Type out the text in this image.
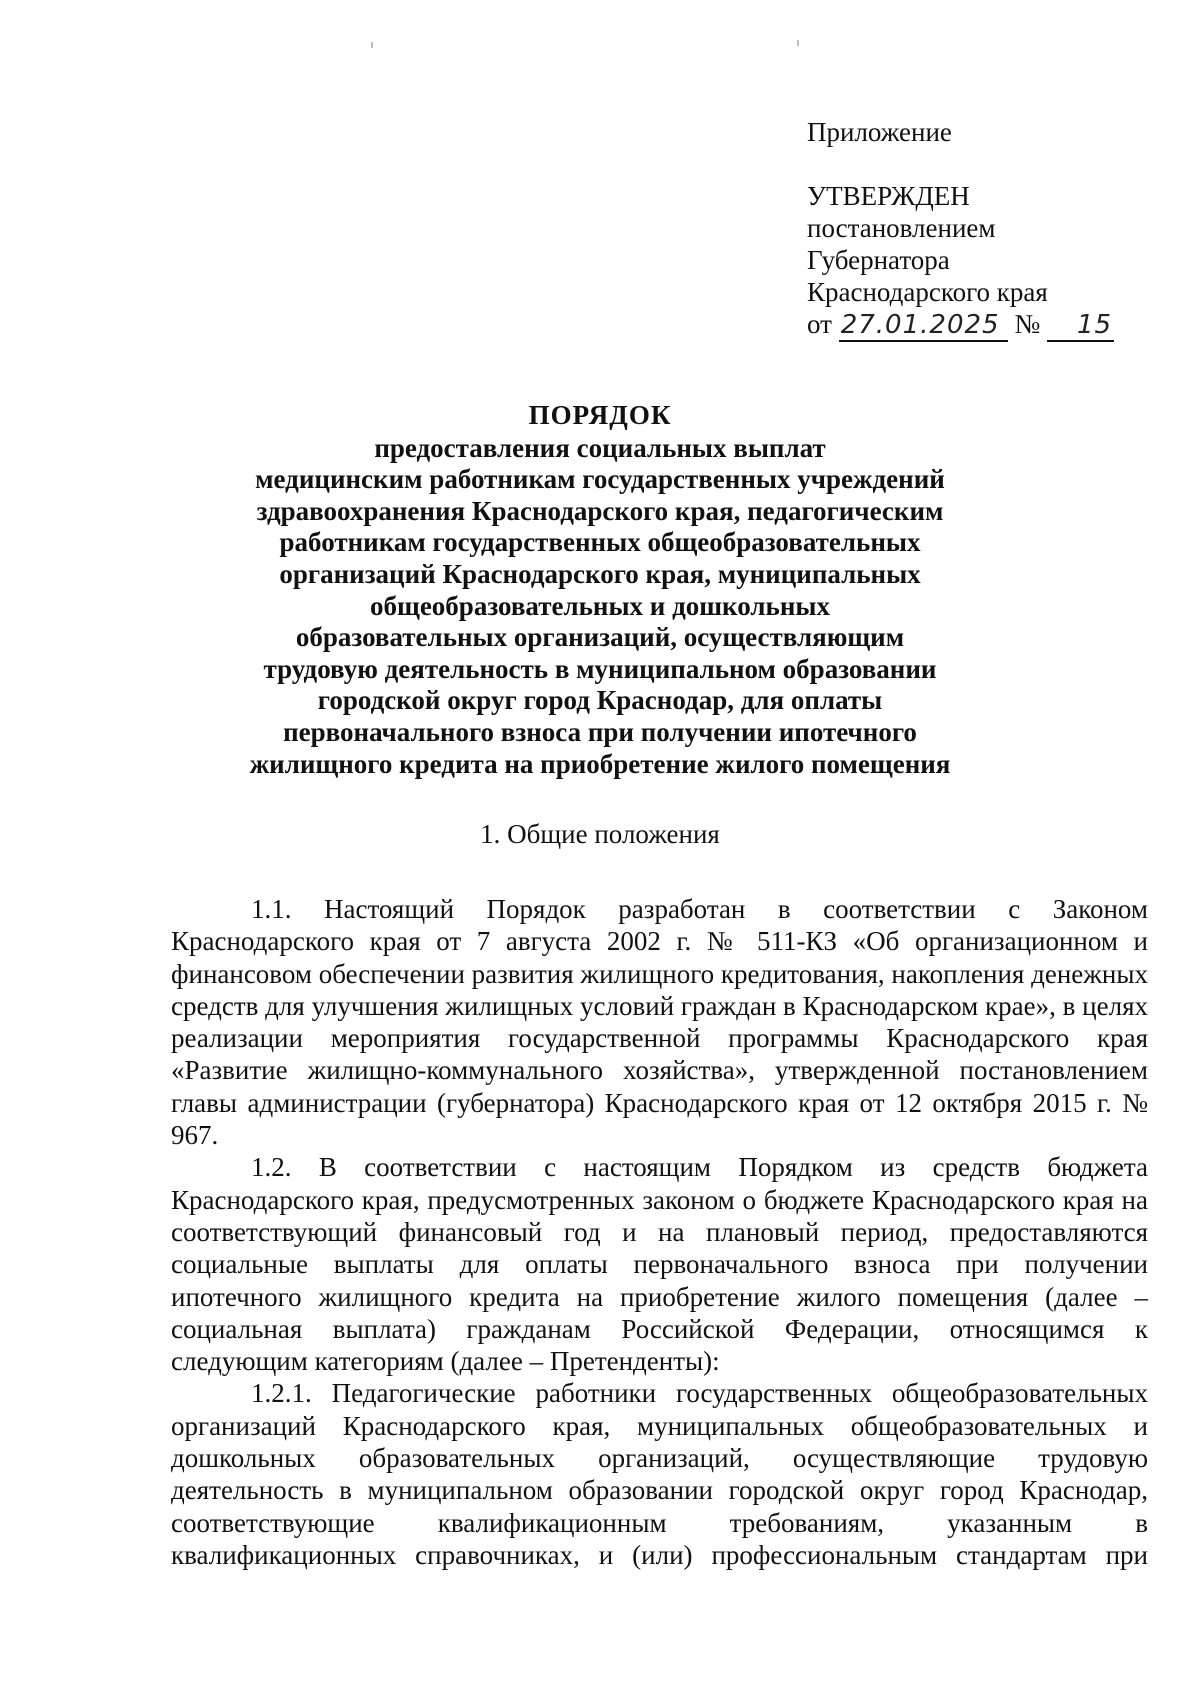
Приложение
УТВЕРЖДЕН
постановлением
Губернатора
Краснодарского края
от 27.01.2025 № 15
ПОРЯДОК
предоставления социальных выплат
медицинским работникам государственных учреждений
здравоохранения Краснодарского края, педагогическим
работникам государственных общеобразовательных
организаций Краснодарского края, муниципальных
общеобразовательных и дошкольных
образовательных организаций, осуществляющим
трудовую деятельность в муниципальном образовании
городской округ город Краснодар, для оплаты
первоначального взноса при получении ипотечного
жилищного кредита на приобретение жилого помещения
1. Общие положения

1.1. Настоящий Порядок разработан в соответствии с Законом Краснодарского края от 7 августа 2002 г. № 511-КЗ «Об организационном и финансовом обеспечении развития жилищного кредитования, накопления денежных средств для улучшения жилищных условий граждан в Краснодарском крае», в целях реализации мероприятия государственной программы Краснодарского края «Развитие жилищно-коммунального хозяйства», утвержденной постановлением главы администрации (губернатора) Краснодарского края от 12 октября 2015 г. № 967.

1.2. В соответствии с настоящим Порядком из средств бюджета Краснодарского края, предусмотренных законом о бюджете Краснодарского края на соответствующий финансовый год и на плановый период, предоставляются социальные выплаты для оплаты первоначального взноса при получении ипотечного жилищного кредита на приобретение жилого помещения (далее – социальная выплата) гражданам Российской Федерации, относящимся к следующим категориям (далее – Претенденты):

1.2.1. Педагогические работники государственных общеобразовательных организаций Краснодарского края, муниципальных общеобразовательных и дошкольных образовательных организаций, осуществляющие трудовую деятельность в муниципальном образовании городской округ город Краснодар, соответствующие квалификационным требованиям, указанным в квалификационных справочниках, и (или) профессиональным стандартам при
